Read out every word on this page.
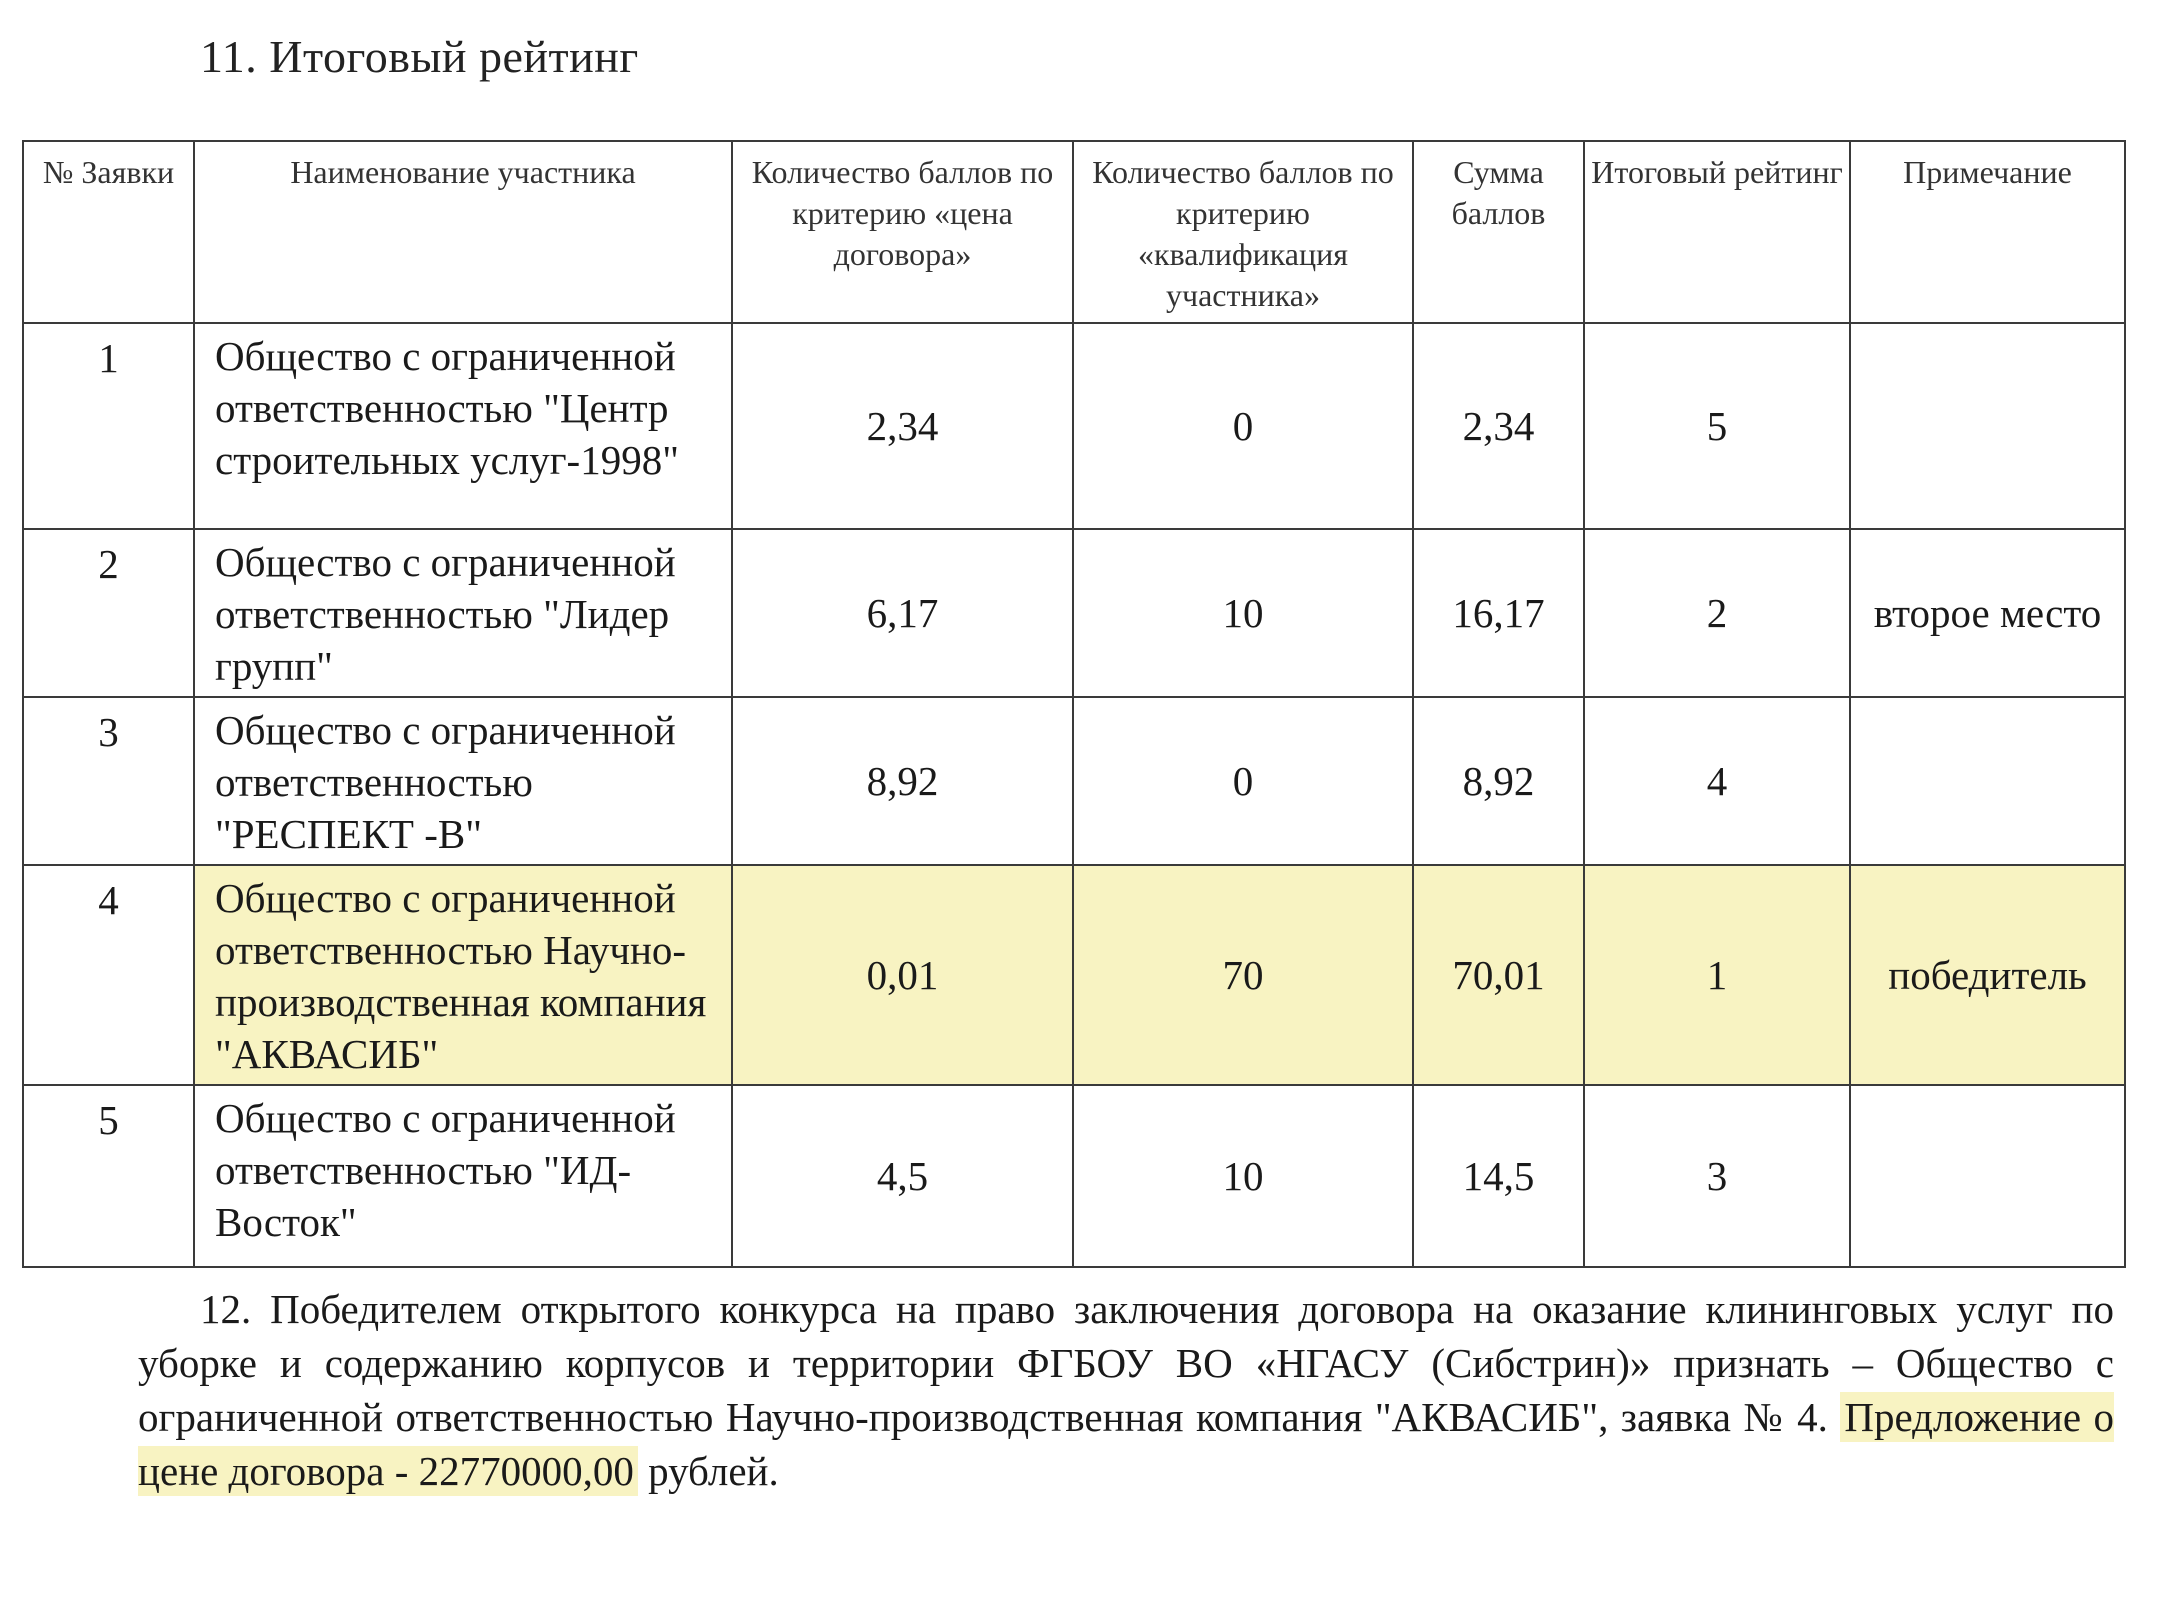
11. Итоговый рейтинг
№ Заявки	Наименование участника	Количество баллов по критерию «цена договора»	Количество баллов по критерию «квалификация участника»	Сумма баллов	Итоговый рейтинг	Примечание
1	Общество с ограниченной ответственностью "Центр строительных услуг-1998"	2,34	0	2,34	5	
2	Общество с ограниченной ответственностью "Лидер групп"	6,17	10	16,17	2	второе место
3	Общество с ограниченной ответственностью "РЕСПЕКТ -В"	8,92	0	8,92	4	
4	Общество с ограниченной ответственностью Научно-производственная компания "АКВАСИБ"	0,01	70	70,01	1	победитель
5	Общество с ограниченной ответственностью "ИД-Восток"	4,5	10	14,5	3	
12. Победителем открытого конкурса на право заключения договора на оказание клининговых услуг по уборке и содержанию корпусов и территории ФГБОУ ВО «НГАСУ (Сибстрин)» признать – Общество с ограниченной ответственностью Научно-производственная компания "АКВАСИБ", заявка № 4. Предложение о цене договора - 22770000,00 рублей.
